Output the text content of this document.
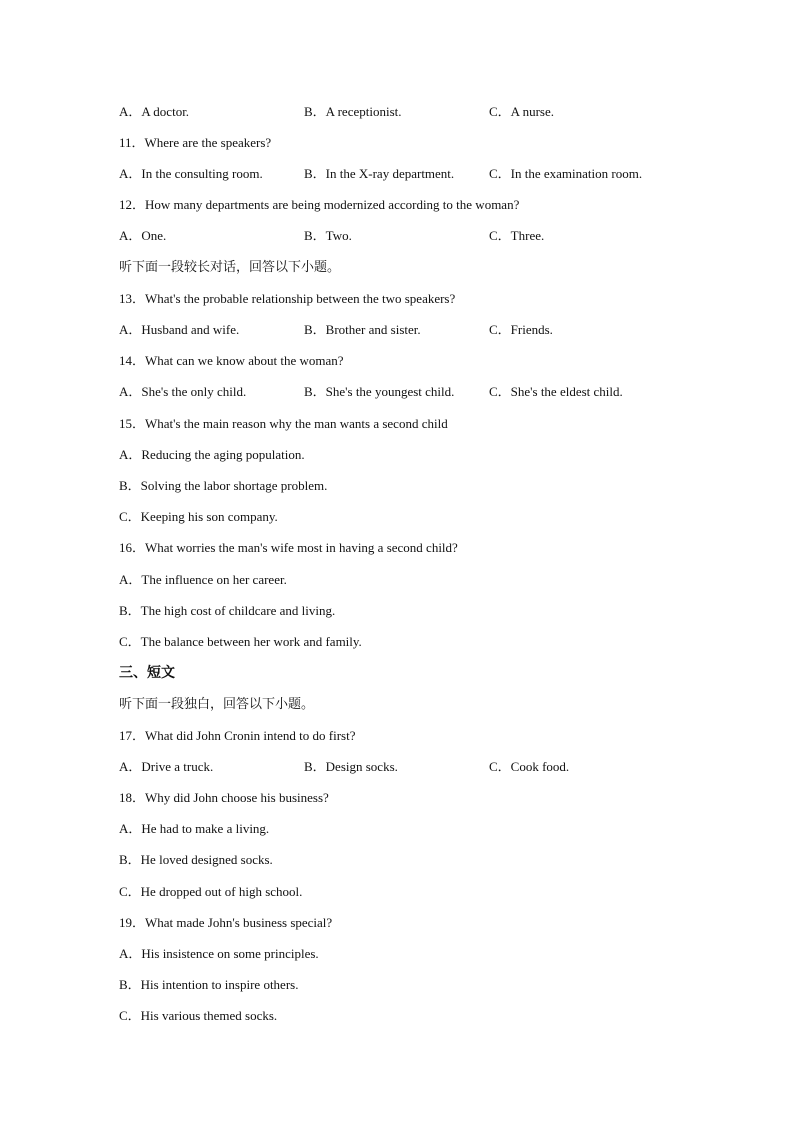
A．A doctor.	B．A receptionist.	C．A nurse.
11．Where are the speakers?
A．In the consulting room.	B．In the X-ray department.	C．In the examination room.
12．How many departments are being modernized according to the woman?
A．One.	B．Two.	C．Three.
听下面一段较长对话，回答以下小题。
13．What's the probable relationship between the two speakers?
A．Husband and wife.	B．Brother and sister.	C．Friends.
14．What can we know about the woman?
A．She's the only child.	B．She's the youngest child.	C．She's the eldest child.
15．What's the main reason why the man wants a second child
A．Reducing the aging population.
B．Solving the labor shortage problem.
C．Keeping his son company.
16．What worries the man's wife most in having a second child?
A．The influence on her career.
B．The high cost of childcare and living.
C．The balance between her work and family.
三、短文
听下面一段独白，回答以下小题。
17．What did John Cronin intend to do first?
A．Drive a truck.	B．Design socks.	C．Cook food.
18．Why did John choose his business?
A．He had to make a living.
B．He loved designed socks.
C．He dropped out of high school.
19．What made John's business special?
A．His insistence on some principles.
B．His intention to inspire others.
C．His various themed socks.
